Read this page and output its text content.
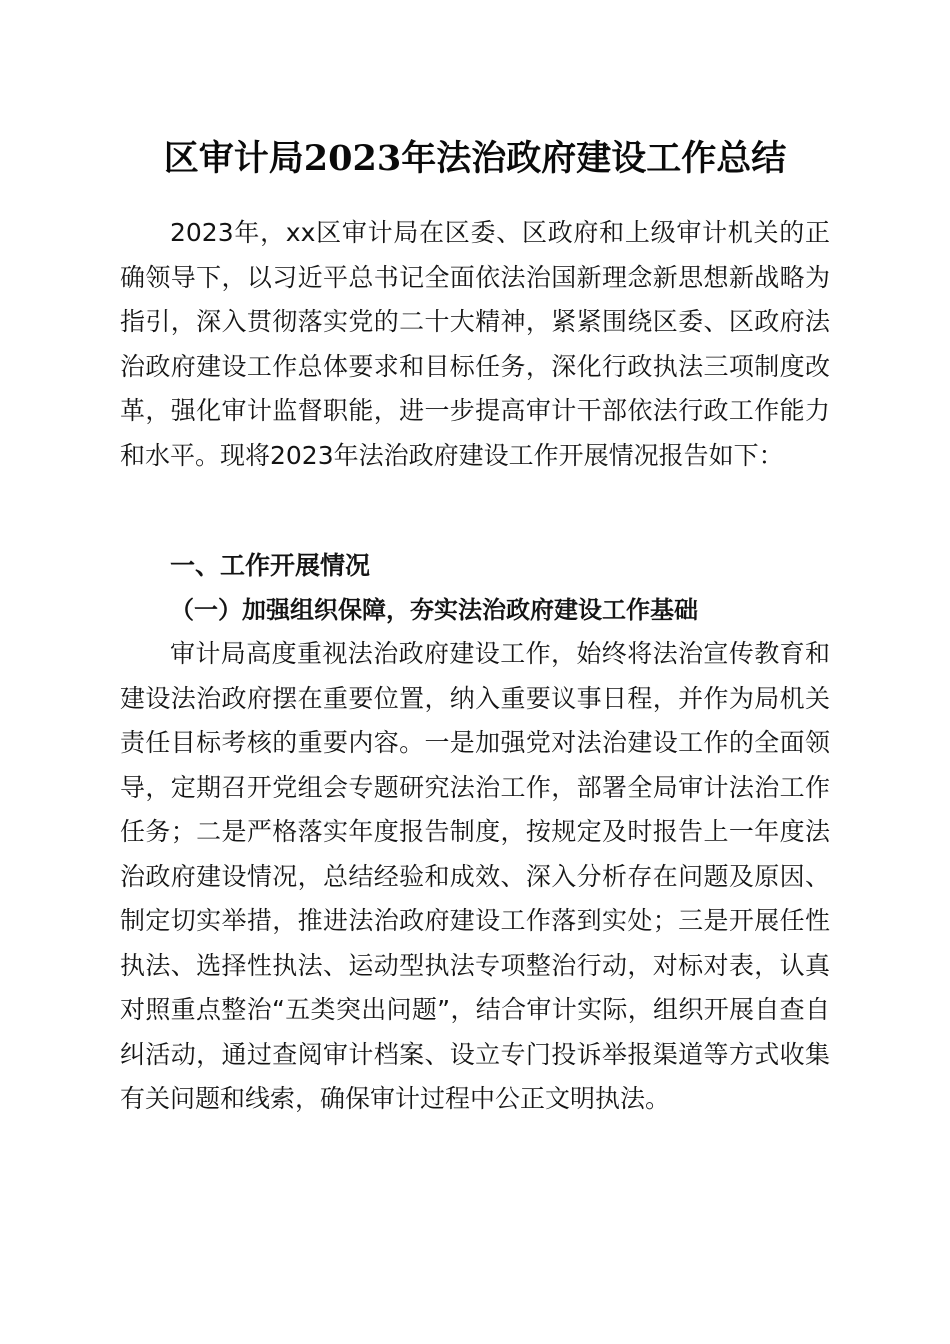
区审计局2023年法治政府建设工作总结

2023年，xx区审计局在区委、区政府和上级审计机关的正确领导下，以习近平总书记全面依法治国新理念新思想新战略为指引，深入贯彻落实党的二十大精神，紧紧围绕区委、区政府法治政府建设工作总体要求和目标任务，深化行政执法三项制度改革，强化审计监督职能，进一步提高审计干部依法行政工作能力和水平。现将2023年法治政府建设工作开展情况报告如下：

一、工作开展情况

（一）加强组织保障，夯实法治政府建设工作基础

审计局高度重视法治政府建设工作，始终将法治宣传教育和建设法治政府摆在重要位置，纳入重要议事日程，并作为局机关责任目标考核的重要内容。一是加强党对法治建设工作的全面领导，定期召开党组会专题研究法治工作，部署全局审计法治工作任务；二是严格落实年度报告制度，按规定及时报告上一年度法治政府建设情况，总结经验和成效、深入分析存在问题及原因、制定切实举措，推进法治政府建设工作落到实处；三是开展任性执法、选择性执法、运动型执法专项整治行动，对标对表，认真对照重点整治“五类突出问题”，结合审计实际，组织开展自查自纠活动，通过查阅审计档案、设立专门投诉举报渠道等方式收集有关问题和线索，确保审计过程中公正文明执法。
